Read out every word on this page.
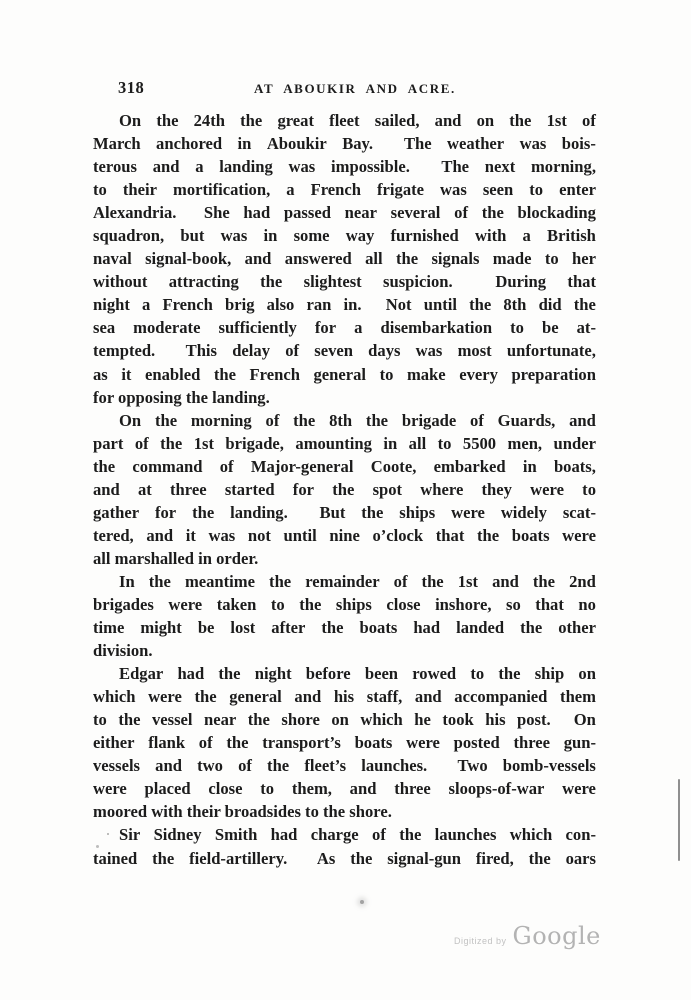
318	AT ABOUKIR AND ACRE.
On the 24th the great fleet sailed, and on the 1st of
March anchored in Aboukir Bay. The weather was bois-
terous and a landing was impossible. The next morning,
to their mortification, a French frigate was seen to enter
Alexandria. She had passed near several of the blockading
squadron, but was in some way furnished with a British
naval signal-book, and answered all the signals made to her
without attracting the slightest suspicion.	During that
night a French brig also ran in. Not until the 8th did the
sea moderate sufficiently for a disembarkation to be at-
tempted. This delay of seven days was most unfortunate,
as it enabled the French general to make every preparation
for opposing the landing.
On the morning of the 8th the brigade of Guards, and
part of the 1st brigade, amounting in all to 5500 men, under
the command of Major-general Coote, embarked in boats,
and at three started for the spot where they were to
gather for the landing. But the ships were widely scat-
tered, and it was not until nine o’clock that the boats were
all marshalled in order.
In the meantime the remainder of the 1st and the 2nd
brigades were taken to the ships close inshore, so that no
time might be lost after the boats had landed the other
division.
Edgar had the night before been rowed to the ship on
which were the general and his staff, and accompanied them
to the vessel near the shore on which he took his post. On
either flank of the transport’s boats were posted three gun-
vessels and two of the fleet’s launches. Two bomb-vessels
were placed close to them, and three sloops-of-war were
moored with their broadsides to the shore.
Sir Sidney Smith had charge of the launches which con-
tained the field-artillery. As the signal-gun fired, the oars
Digitized by Google
